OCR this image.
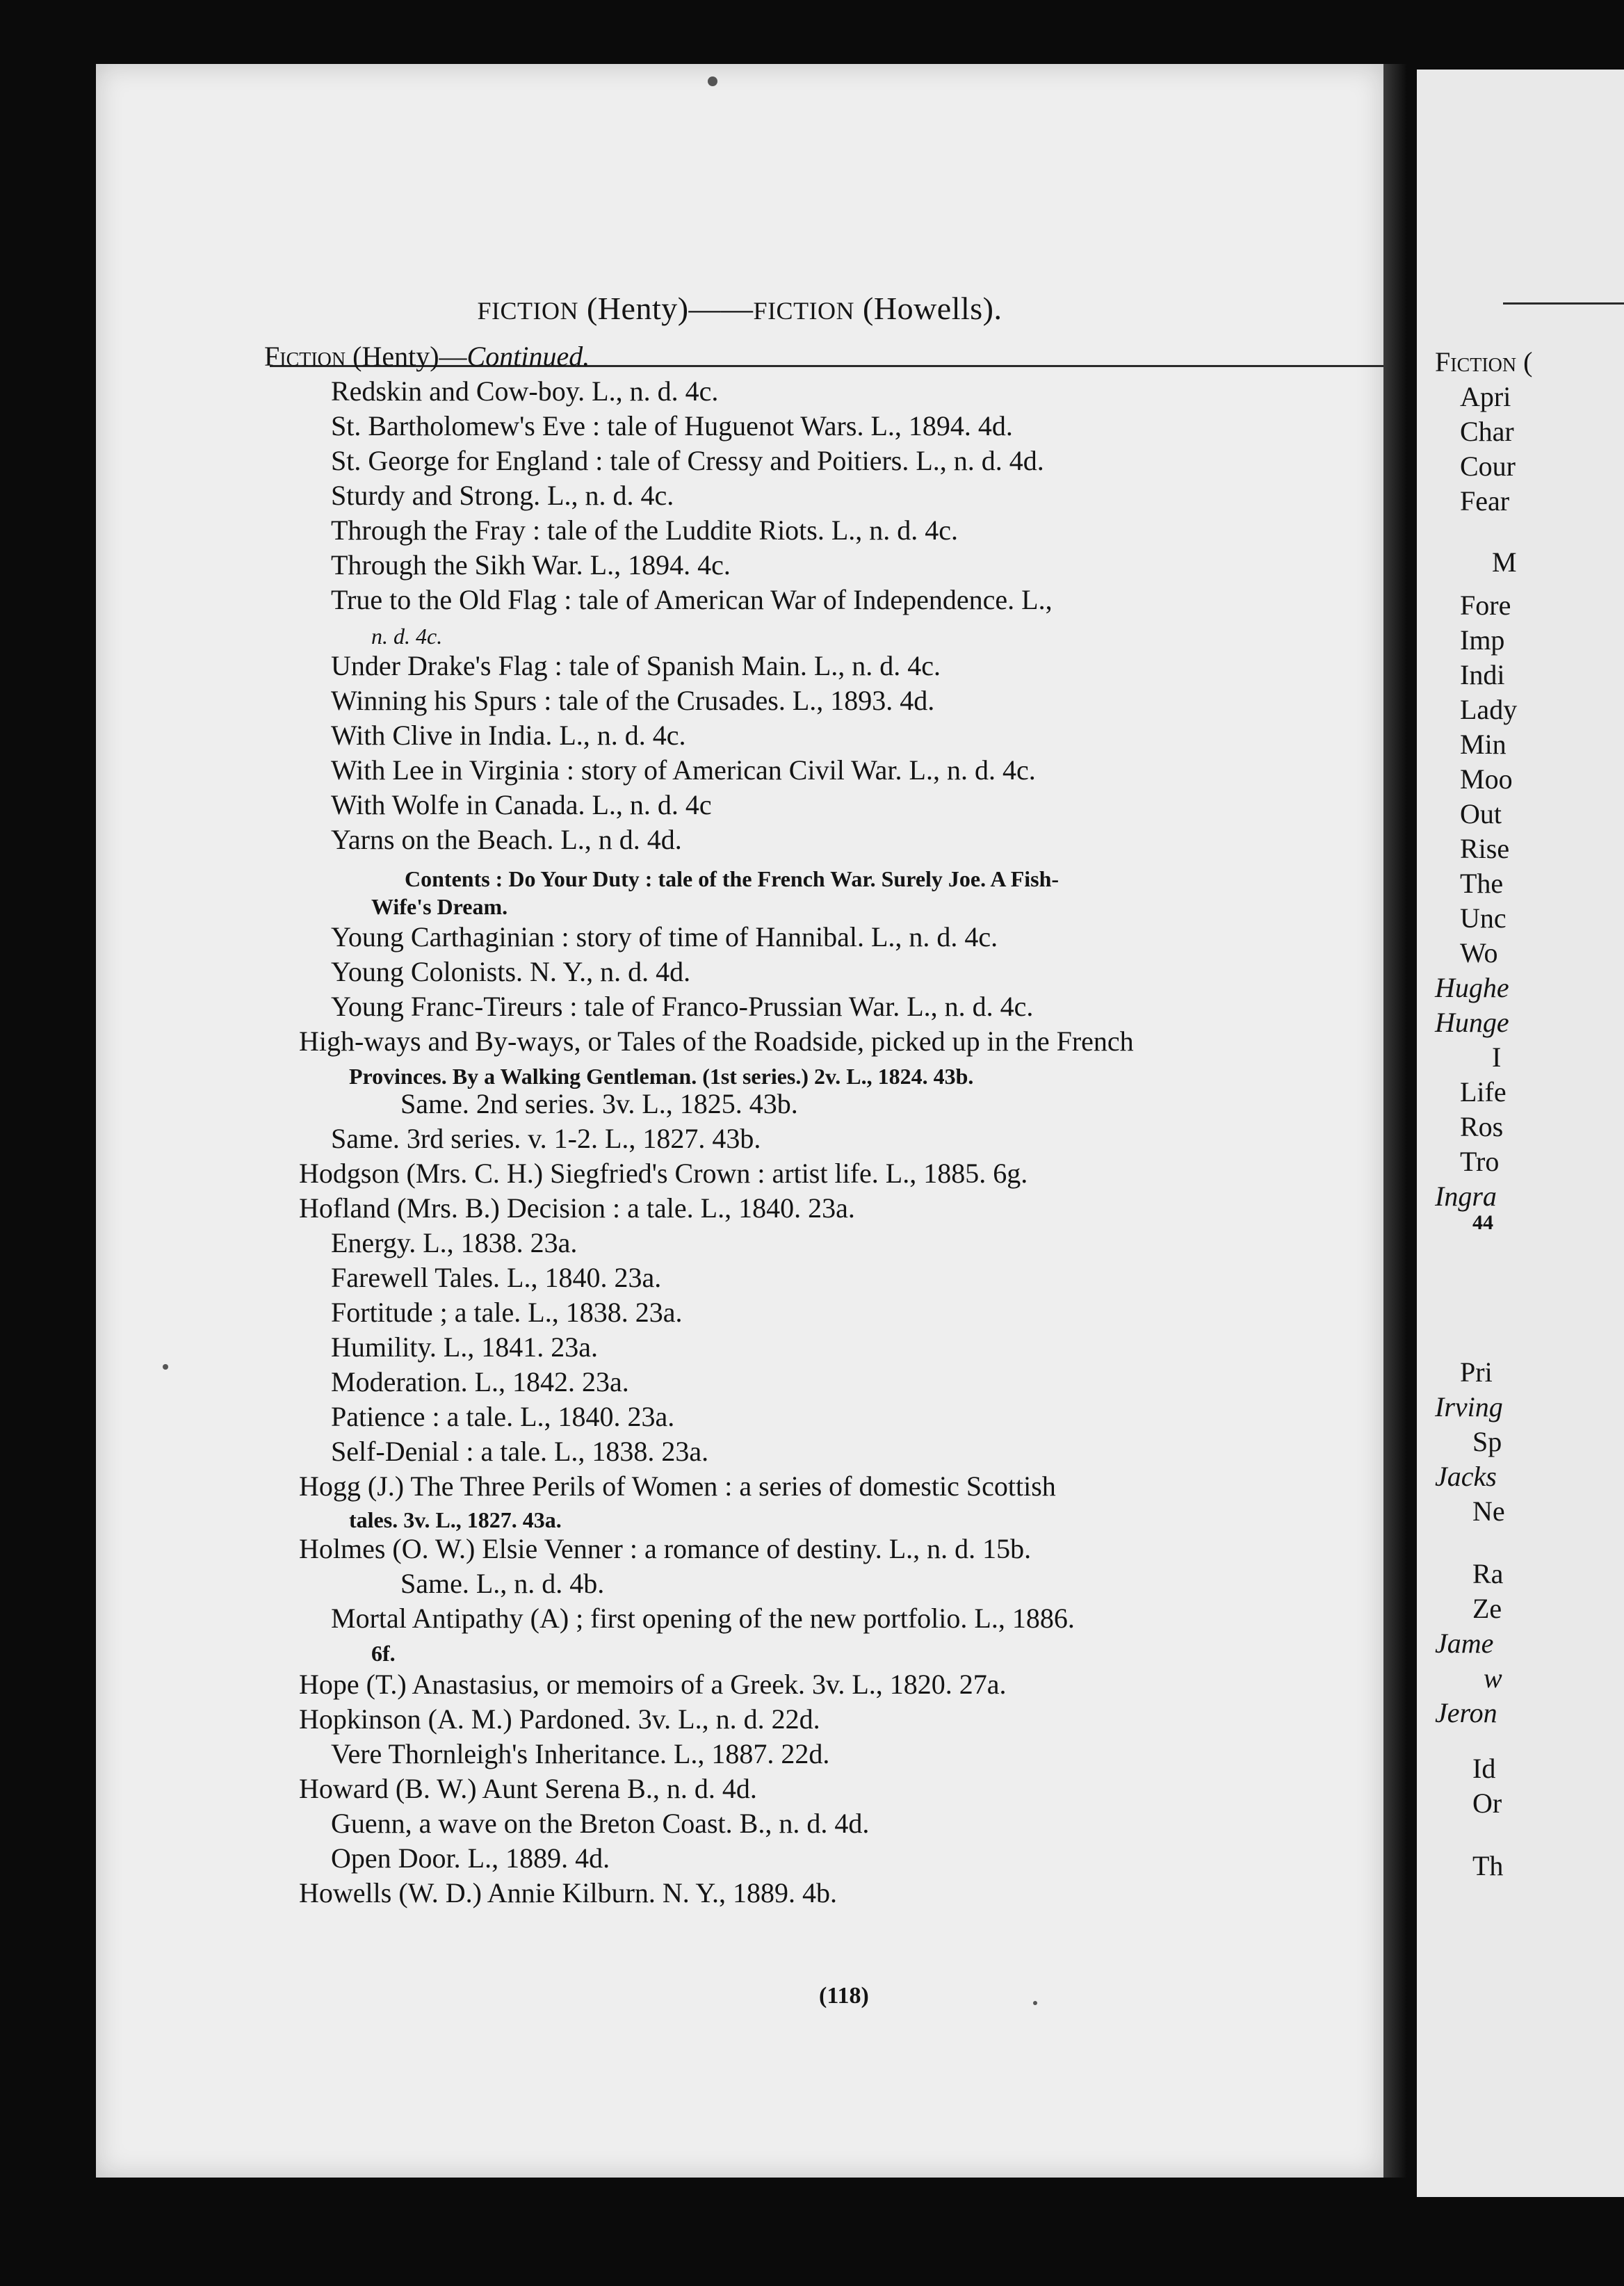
FICTION (Henty)——FICTION (Howells).
Fiction (Henty)—Continued.
Redskin and Cow-boy. L., n. d. 4c.
St. Bartholomew's Eve : tale of Huguenot Wars. L., 1894. 4d.
St. George for England : tale of Cressy and Poitiers. L., n. d. 4d.
Sturdy and Strong. L., n. d. 4c.
Through the Fray : tale of the Luddite Riots. L., n. d. 4c.
Through the Sikh War. L., 1894. 4c.
True to the Old Flag : tale of American War of Independence. L.,
n. d. 4c.
Under Drake's Flag : tale of Spanish Main. L., n. d. 4c.
Winning his Spurs : tale of the Crusades. L., 1893. 4d.
With Clive in India. L., n. d. 4c.
With Lee in Virginia : story of American Civil War. L., n. d. 4c.
With Wolfe in Canada. L., n. d. 4c
Yarns on the Beach. L., n d. 4d.
Contents : Do Your Duty : tale of the French War. Surely Joe. A Fish-
Wife's Dream.
Young Carthaginian : story of time of Hannibal. L., n. d. 4c.
Young Colonists. N. Y., n. d. 4d.
Young Franc-Tireurs : tale of Franco-Prussian War. L., n. d. 4c.
High-ways and By-ways, or Tales of the Roadside, picked up in the French
Provinces. By a Walking Gentleman. (1st series.) 2v. L., 1824. 43b.
Same. 2nd series. 3v. L., 1825. 43b.
Same. 3rd series. v. 1-2. L., 1827. 43b.
Hodgson (Mrs. C. H.) Siegfried's Crown : artist life. L., 1885. 6g.
Hofland (Mrs. B.) Decision : a tale. L., 1840. 23a.
Energy. L., 1838. 23a.
Farewell Tales. L., 1840. 23a.
Fortitude ; a tale. L., 1838. 23a.
Humility. L., 1841. 23a.
Moderation. L., 1842. 23a.
Patience : a tale. L., 1840. 23a.
Self-Denial : a tale. L., 1838. 23a.
Hogg (J.) The Three Perils of Women : a series of domestic Scottish
tales. 3v. L., 1827. 43a.
Holmes (O. W.) Elsie Venner : a romance of destiny. L., n. d. 15b.
Same. L., n. d. 4b.
Mortal Antipathy (A) ; first opening of the new portfolio. L., 1886.
6f.
Hope (T.) Anastasius, or memoirs of a Greek. 3v. L., 1820. 27a.
Hopkinson (A. M.) Pardoned. 3v. L., n. d. 22d.
Vere Thornleigh's Inheritance. L., 1887. 22d.
Howard (B. W.) Aunt Serena B., n. d. 4d.
Guenn, a wave on the Breton Coast. B., n. d. 4d.
Open Door. L., 1889. 4d.
Howells (W. D.) Annie Kilburn. N. Y., 1889. 4b.
(118)
Fiction (
Apri
Char
Cour
Fear
M
Fore
Imp
Indi
Lady
Min
Moo
Out
Rise
The
Unc
Wo
Hughe
Hunge
I
Life
Ros
Tro
Ingra
44
Pri
Irving
Sp
Jacks
Ne
Ra
Ze
Jame
w
Jeron
Id
Or
Th
